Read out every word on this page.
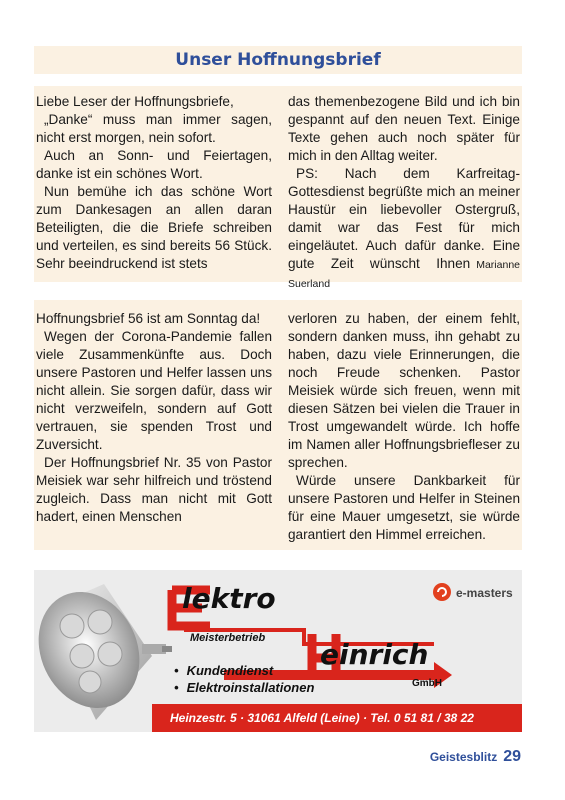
Unser Hoffnungsbrief

Liebe Leser der Hoffnungsbriefe,

„Danke“ muss man immer sagen, nicht erst morgen, nein sofort.

Auch an Sonn- und Feiertagen, danke ist ein schönes Wort.

Nun bemühe ich das schöne Wort zum Dankesagen an allen daran Beteiligten, die die Briefe schreiben und verteilen, es sind bereits 56 Stück. Sehr beeindruckend ist stets

das themenbezogene Bild und ich bin gespannt auf den neuen Text. Einige Texte gehen auch noch später für mich in den Alltag weiter.

PS: Nach dem Karfreitag-Gottesdienst begrüßte mich an meiner Haustür ein liebevoller Ostergruß, damit war das Fest für mich eingeläutet. Auch dafür danke. Eine gute Zeit wünscht Ihnen Marianne Suerland

Hoffnungsbrief 56 ist am Sonntag da!

Wegen der Corona-Pandemie fallen viele Zusammenkünfte aus. Doch unsere Pastoren und Helfer lassen uns nicht allein. Sie sorgen dafür, dass wir nicht verzweifeln, sondern auf Gott vertrauen, sie spenden Trost und Zuversicht.

Der Hoffnungsbrief Nr. 35 von Pastor Meisiek war sehr hilfreich und tröstend zugleich. Dass man nicht mit Gott hadert, einen Menschen

verloren zu haben, der einem fehlt, sondern danken muss, ihn gehabt zu haben, dazu viele Erinnerungen, die noch Freude schenken. Pastor Meisiek würde sich freuen, wenn mit diesen Sätzen bei vielen die Trauer in Trost umgewandelt würde. Ich hoffe im Namen aller Hoffnungsbriefleser zu sprechen.

Würde unsere Dankbarkeit für unsere Pastoren und Helfer in Steinen für eine Mauer umgesetzt, sie würde garantiert den Himmel erreichen.

lektro
einrich
Meisterbetrieb
• Kundendienst
• Elektroinstallationen	GmbH
e-masters
Heinzestr. 5 · 31061 Alfeld (Leine) · Tel. 0 51 81 / 38 22
Geistesblitz 29
